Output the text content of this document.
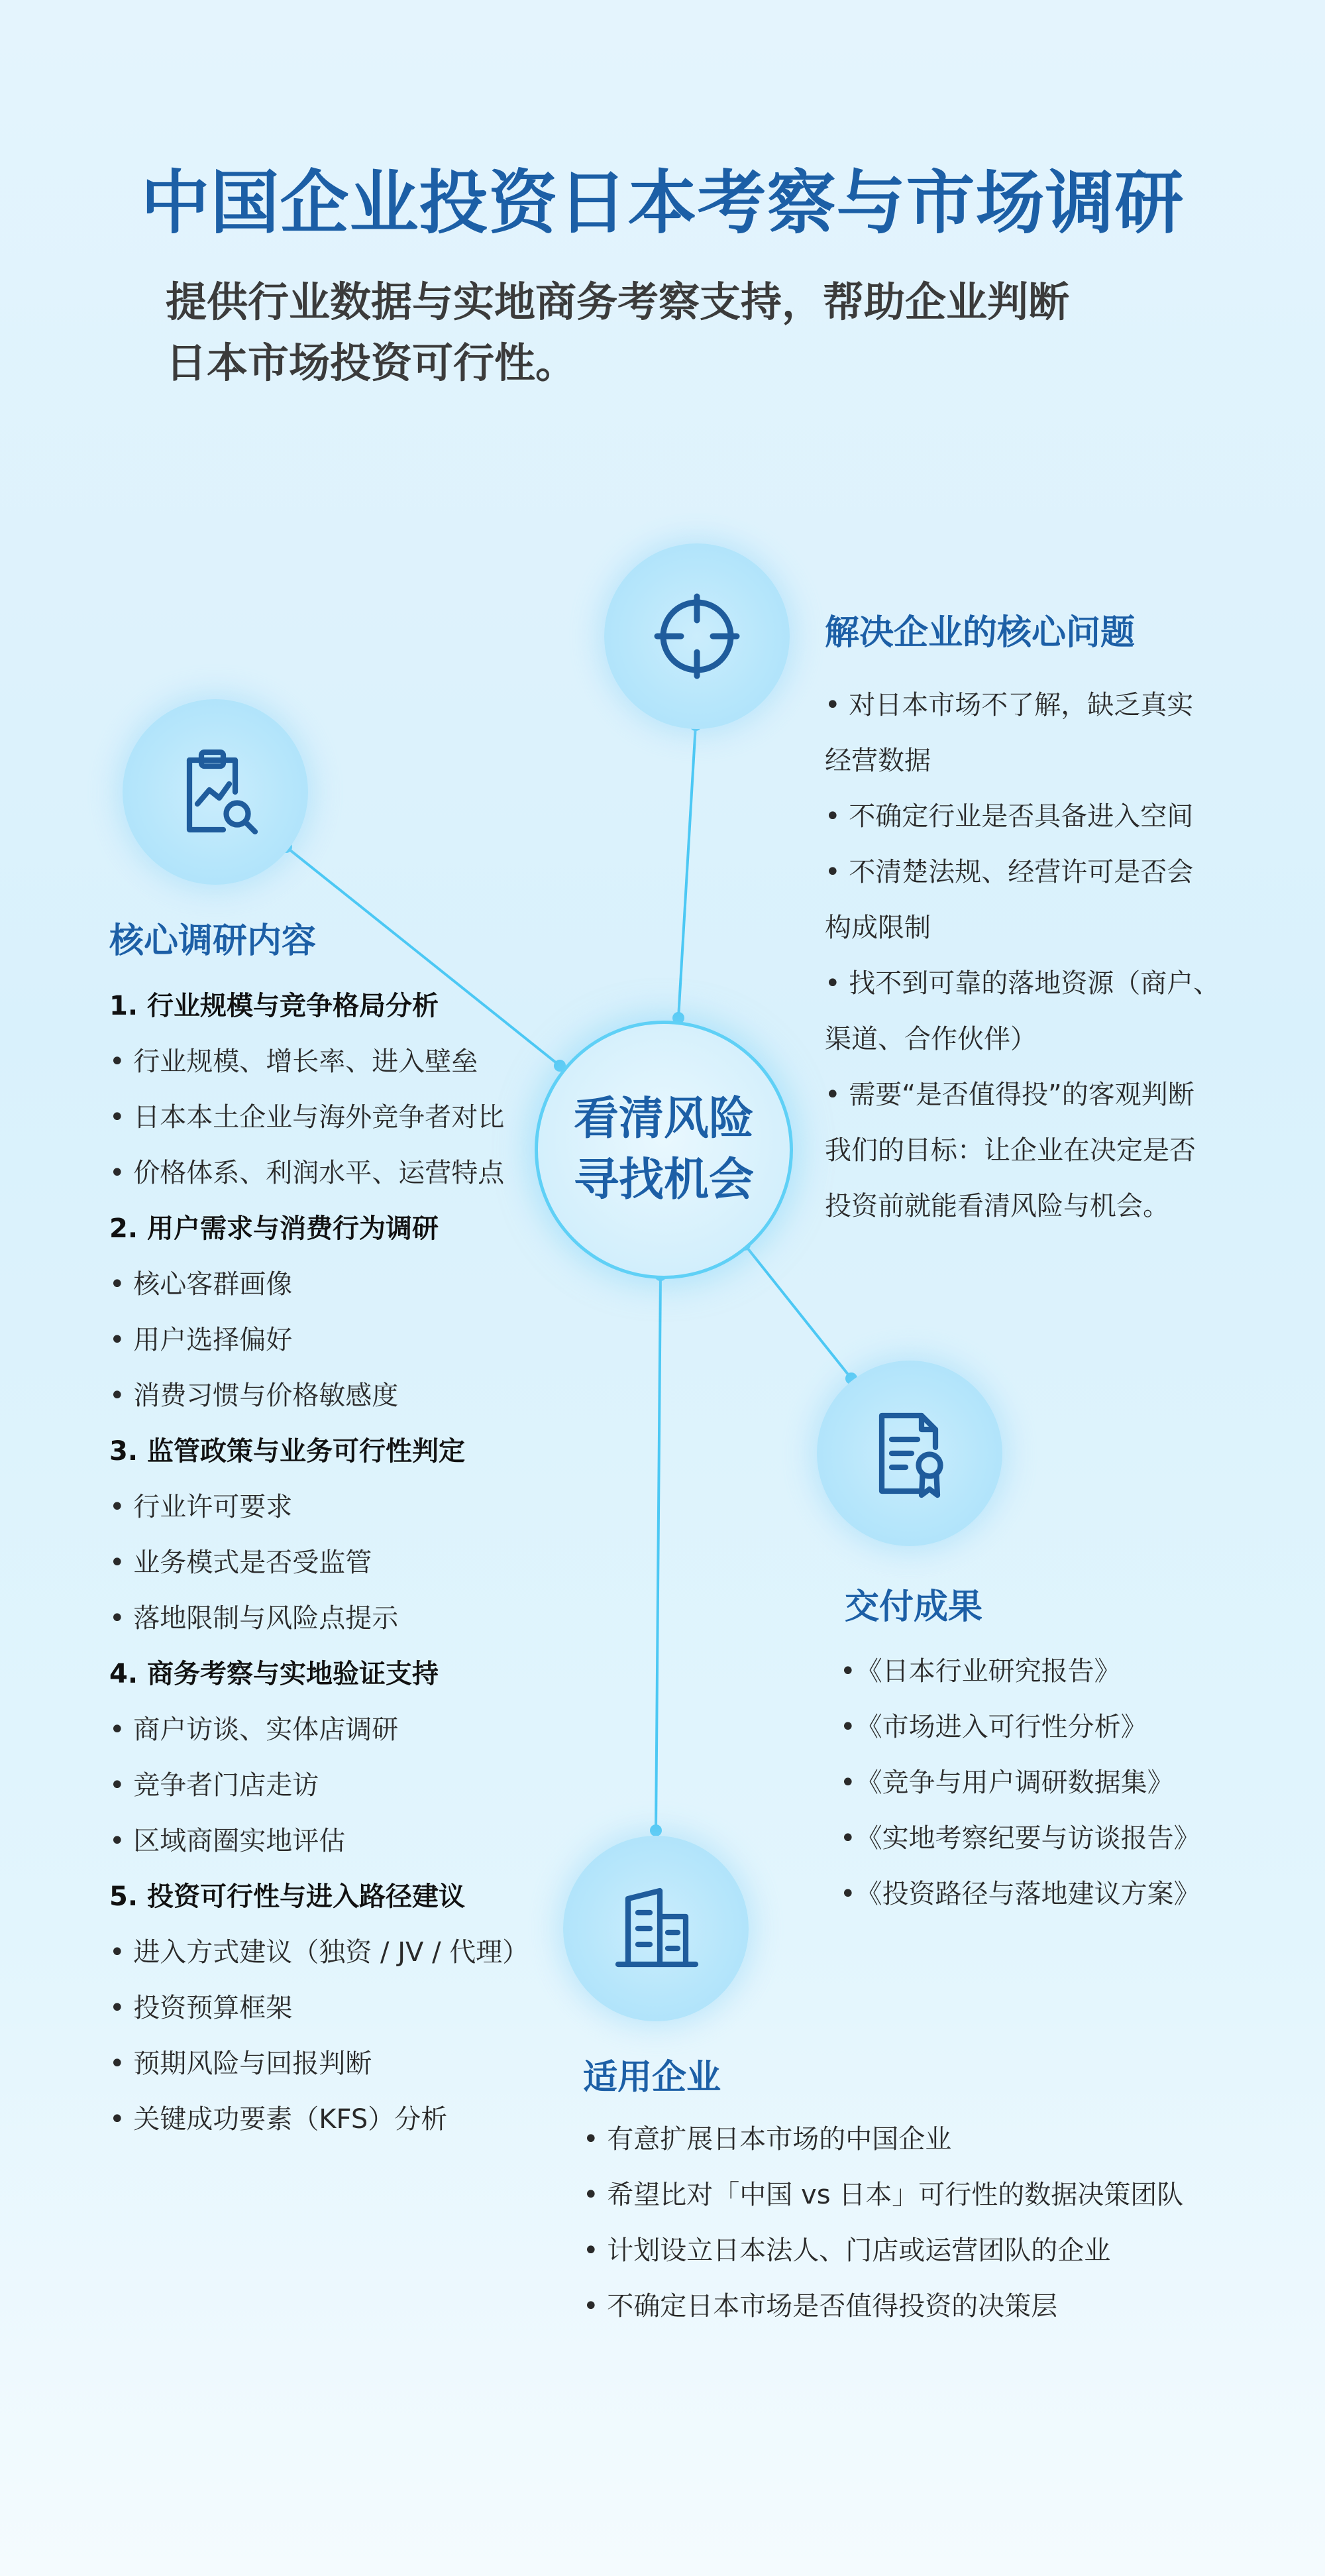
中国企业投资日本考察与市场调研
提供行业数据与实地商务考察支持，帮助企业判断
日本市场投资可行性。
看清风险
寻找机会
解决企业的核心问题
• 对日本市场不了解，缺乏真实
经营数据
• 不确定行业是否具备进入空间
• 不清楚法规、经营许可是否会
构成限制
• 找不到可靠的落地资源（商户、
渠道、合作伙伴）
• 需要“是否值得投”的客观判断
我们的目标：让企业在决定是否
投资前就能看清风险与机会。
核心调研内容
1. 行业规模与竞争格局分析
• 行业规模、增长率、进入壁垒
• 日本本土企业与海外竞争者对比
• 价格体系、利润水平、运营特点
2. 用户需求与消费行为调研
• 核心客群画像
• 用户选择偏好
• 消费习惯与价格敏感度
3. 监管政策与业务可行性判定
• 行业许可要求
• 业务模式是否受监管
• 落地限制与风险点提示
4. 商务考察与实地验证支持
• 商户访谈、实体店调研
• 竞争者门店走访
• 区域商圈实地评估
5. 投资可行性与进入路径建议
• 进入方式建议（独资 / JV / 代理）
• 投资预算框架
• 预期风险与回报判断
• 关键成功要素（KFS）分析
交付成果
•《日本行业研究报告》
•《市场进入可行性分析》
•《竞争与用户调研数据集》
•《实地考察纪要与访谈报告》
•《投资路径与落地建议方案》
适用企业
• 有意扩展日本市场的中国企业
• 希望比对「中国 vs 日本」可行性的数据决策团队
• 计划设立日本法人、门店或运营团队的企业
• 不确定日本市场是否值得投资的决策层
